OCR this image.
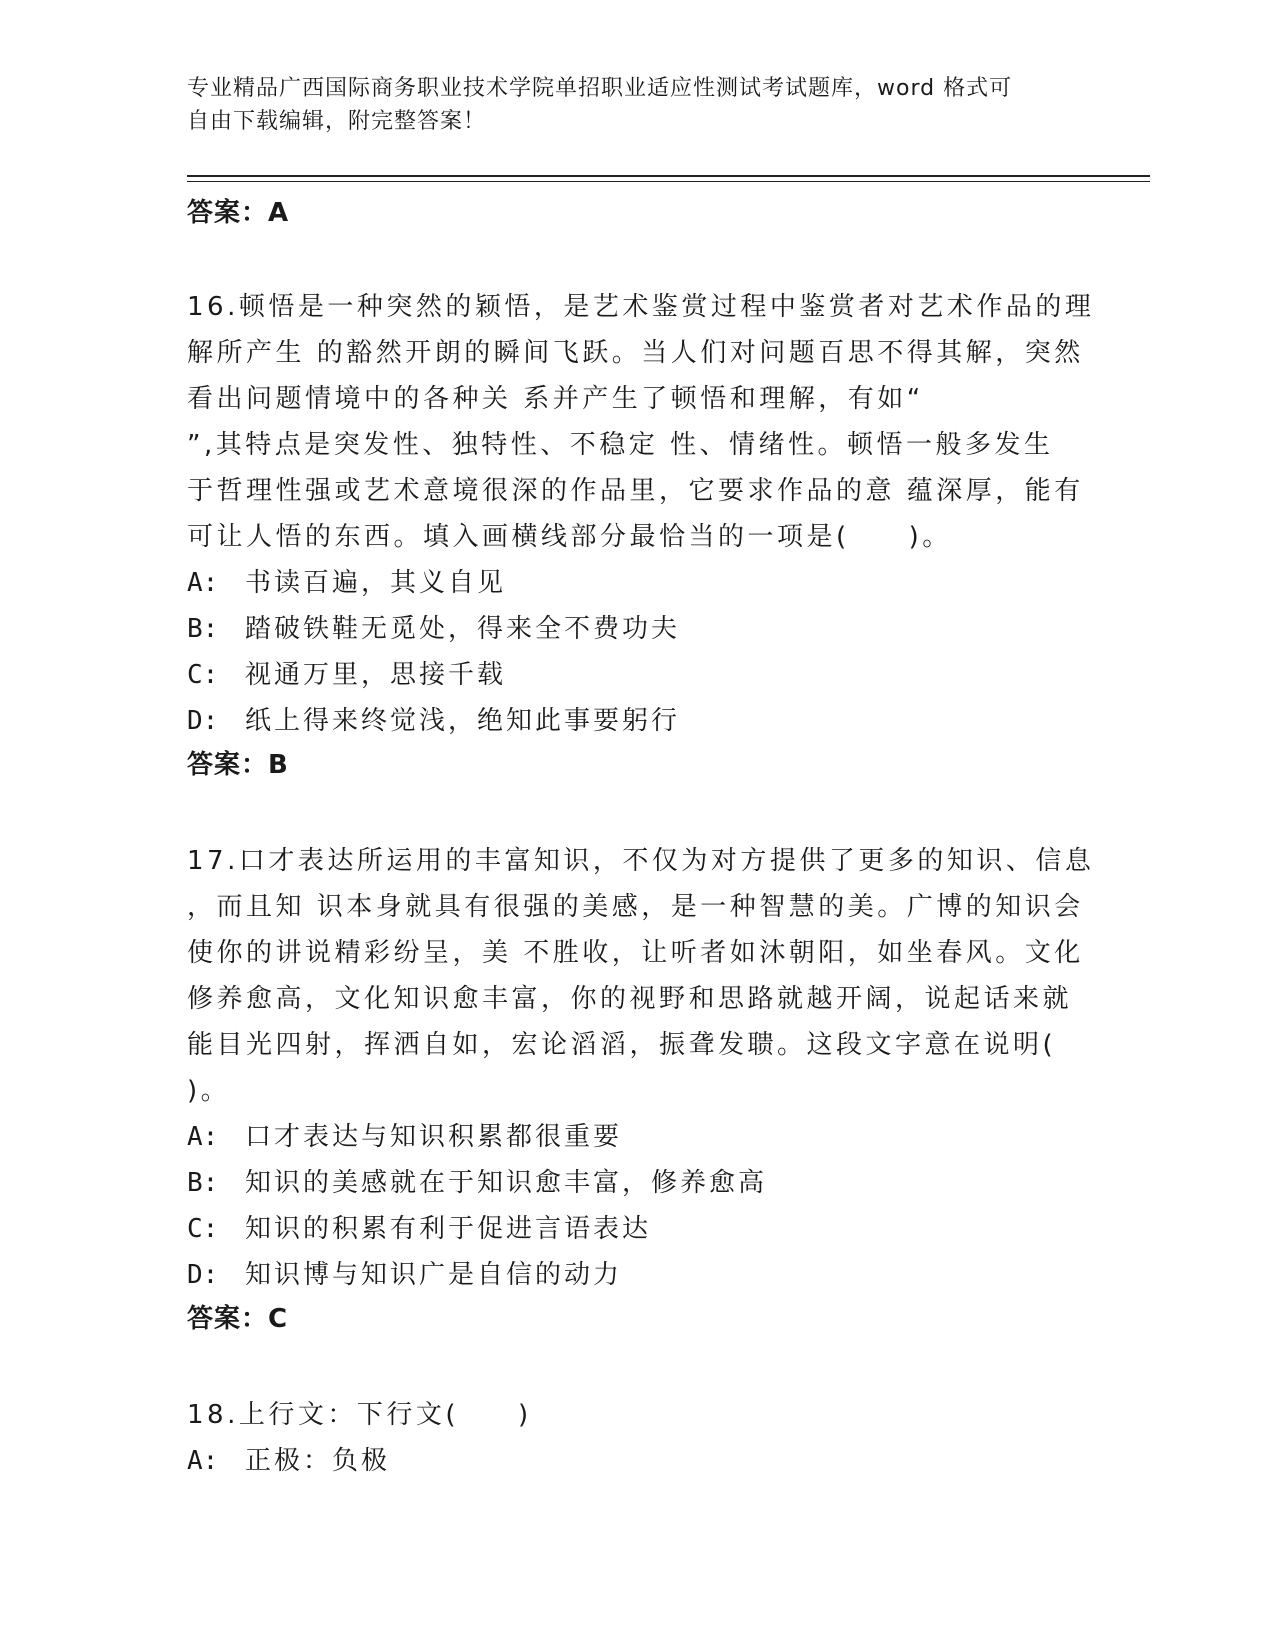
专业精品广西国际商务职业技术学院单招职业适应性测试考试题库，word 格式可
自由下载编辑，附完整答案！
答案：A
16.顿悟是一种突然的颖悟，是艺术鉴赏过程中鉴赏者对艺术作品的理
解所产生 的豁然开朗的瞬间飞跃。当人们对问题百思不得其解，突然
看出问题情境中的各种关 系并产生了顿悟和理解，有如“
”,其特点是突发性、独特性、不稳定 性、情绪性。顿悟一般多发生
于哲理性强或艺术意境很深的作品里，它要求作品的意 蕴深厚，能有
可让人悟的东西。填入画横线部分最恰当的一项是(　　)。
A: 书读百遍，其义自见
B: 踏破铁鞋无觅处，得来全不费功夫
C: 视通万里，思接千载
D: 纸上得来终觉浅，绝知此事要躬行
答案：B
17.口才表达所运用的丰富知识，不仅为对方提供了更多的知识、信息
，而且知 识本身就具有很强的美感，是一种智慧的美。广博的知识会
使你的讲说精彩纷呈，美 不胜收，让听者如沐朝阳，如坐春风。文化
修养愈高，文化知识愈丰富，你的视野和思路就越开阔，说起话来就
能目光四射，挥洒自如，宏论滔滔，振聋发聩。这段文字意在说明(
)。
A: 口才表达与知识积累都很重要
B: 知识的美感就在于知识愈丰富，修养愈高
C: 知识的积累有利于促进言语表达
D: 知识博与知识广是自信的动力
答案：C
18.上行文：下行文(　　)
A: 正极：负极
